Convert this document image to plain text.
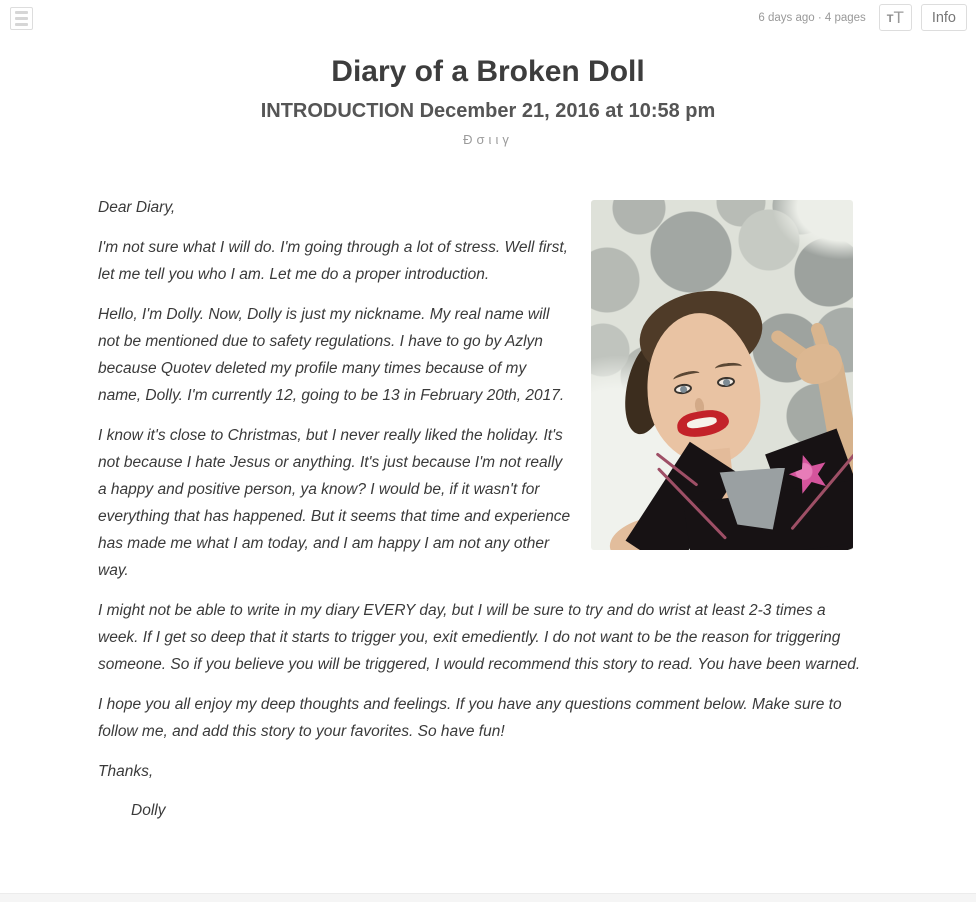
6 days ago · 4 pages T T	Info
Diary of a Broken Doll
INTRODUCTION December 21, 2016 at 10:58 pm
Ðσιιγ

Dear Diary,

I'm not sure what I will do. I'm going through a lot of stress. Well first, let me tell you who I am. Let me do a proper introduction.

Hello, I'm Dolly. Now, Dolly is just my nickname. My real name will not be mentioned due to safety regulations. I have to go by Azlyn because Quotev deleted my profile many times because of my name, Dolly. I'm currently 12, going to be 13 in February 20th, 2017.

I know it's close to Christmas, but I never really liked the holiday. It's not because I hate Jesus or anything. It's just because I'm not really a happy and positive person, ya know? I would be, if it wasn't for everything that has happened. But it seems that time and experience has made me what I am today, and I am happy I am not any other way.

I might not be able to write in my diary EVERY day, but I will be sure to try and do wrist at least 2-3 times a week. If I get so deep that it starts to trigger you, exit emediently. I do not want to be the reason for triggering someone. So if you believe you will be triggered, I would recommend this story to read. You have been warned.

I hope you all enjoy my deep thoughts and feelings. If you have any questions comment below. Make sure to follow me, and add this story to your favorites. So have fun!

Thanks,

Dolly
